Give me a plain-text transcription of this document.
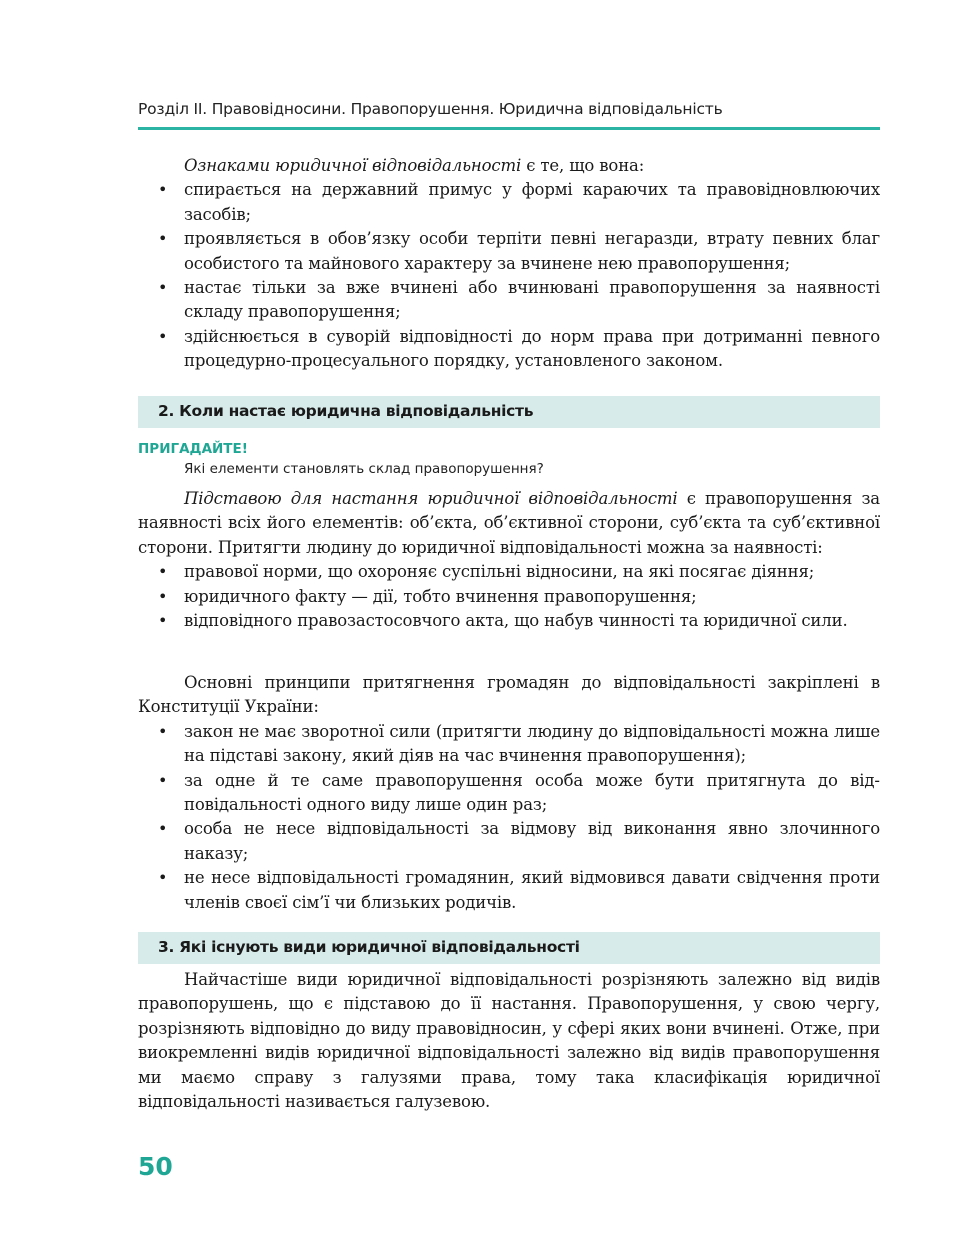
Розділ ІІ. Правовідносини. Правопорушення. Юридична відповідальність

Ознаками юридичної відповідальності є те, що вона:

• спирається на державний примус у формі караючих та правовідновлюючих засобів;
• проявляється в обов’язку особи терпіти певні негаразди, втрату певних благ особистого та майнового характеру за вчинене нею правопорушення;
• настає тільки за вже вчинені або вчинювані правопорушення за наявності складу правопорушення;
• здійснюється в суворій відповідності до норм права при дотриманні певного процедурно-процесуального порядку, установленого законом.
2. Коли настає юридична відповідальність
ПРИГАДАЙТЕ!
Які елементи становлять склад правопорушення?

Підставою для настання юридичної відповідальності є правопорушення за наявності всіх його елементів: об’єкта, об’єктивної сторони, суб’єкта та суб’єктивної сторони. Притягти людину до юридичної відповідальності можна за наявності:

• правової норми, що охороняє суспільні відносини, на які посягає діяння;
• юридичного факту — дії, тобто вчинення правопорушення;
• відповідного правозастосовчого акта, що набув чинності та юридичної сили.

Основні принципи притягнення громадян до відповідальності закріплені в Конституції України:

• закон не має зворотної сили (притягти людину до відповідальності можна лише на підставі закону, який діяв на час вчинення правопорушення);
• за одне й те саме правопорушення особа може бути притягнута до відповідальності одного виду лише один раз;
• особа не несе відповідальності за відмову від виконання явно злочинного наказу;
• не несе відповідальності громадянин, який відмовився давати свідчення проти членів своєї сім’ї чи близьких родичів.
3. Які існують види юридичної відповідальності

Найчастіше види юридичної відповідальності розрізняють залежно від видів правопорушень, що є підставою до її настання. Правопорушення, у свою чергу, розрізняють відповідно до виду правовідносин, у сфері яких вони вчинені. Отже, при виокремленні видів юридичної відповідальності залежно від видів правопорушення ми маємо справу з галузями права, тому така класифікація юридичної відповідальності називається галузевою.

50
